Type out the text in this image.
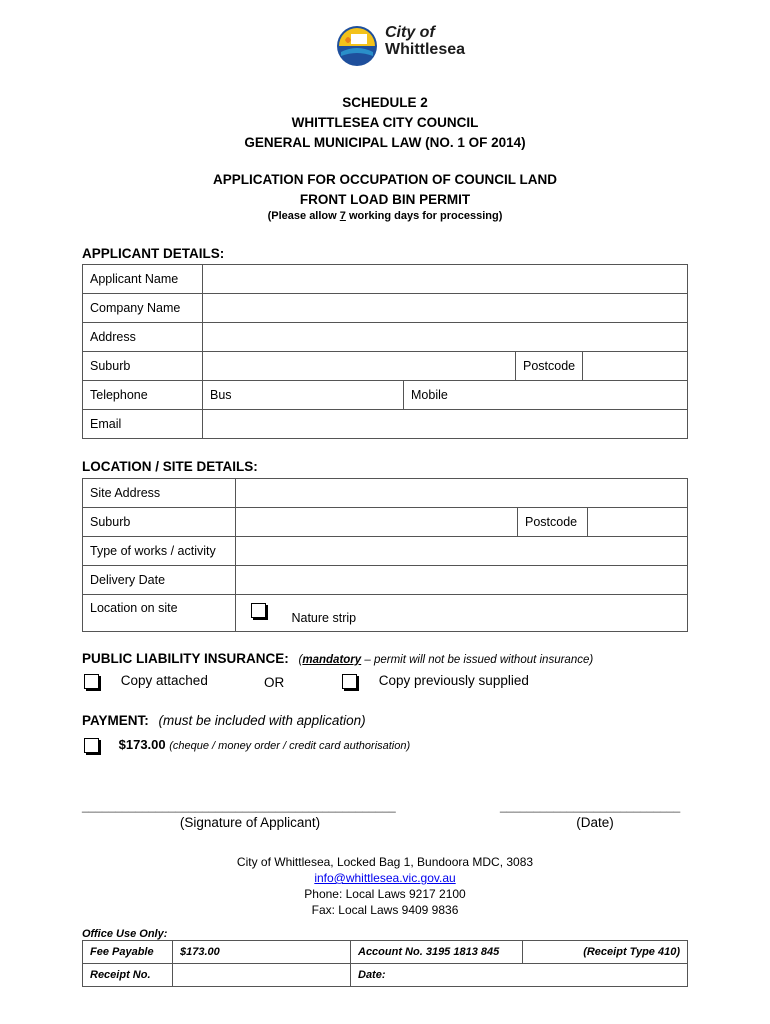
City of
Whittlesea
SCHEDULE 2
WHITTLESEA CITY COUNCIL
GENERAL MUNICIPAL LAW (NO. 1 OF 2014)
APPLICATION FOR OCCUPATION OF COUNCIL LAND
FRONT LOAD BIN PERMIT
(Please allow 7 working days for processing)
APPLICANT DETAILS:
Applicant Name				
Company Name				
Address				
Suburb			Postcode	
Telephone	Bus	Mobile		
Email				
LOCATION / SITE DETAILS:
Site Address			
Suburb		Postcode	
Type of works / activity			
Delivery Date			
Location on site	Nature strip		
PUBLIC LIABILITY INSURANCE: (mandatory – permit will not be issued without insurance)
Copy attached	OR	Copy previously supplied
PAYMENT: (must be included with application)
$173.00 (cheque / money order / credit card authorisation)
_______________________________________________	___________________________
(Signature of Applicant)	(Date)
City of Whittlesea, Locked Bag 1, Bundoora MDC, 3083
info@whittlesea.vic.gov.au
Phone: Local Laws 9217 2100
Fax: Local Laws 9409 9836
Office Use Only:
Fee Payable	$173.00	Account No. 3195 1813 845	(Receipt Type 410)
Receipt No.		Date:	
